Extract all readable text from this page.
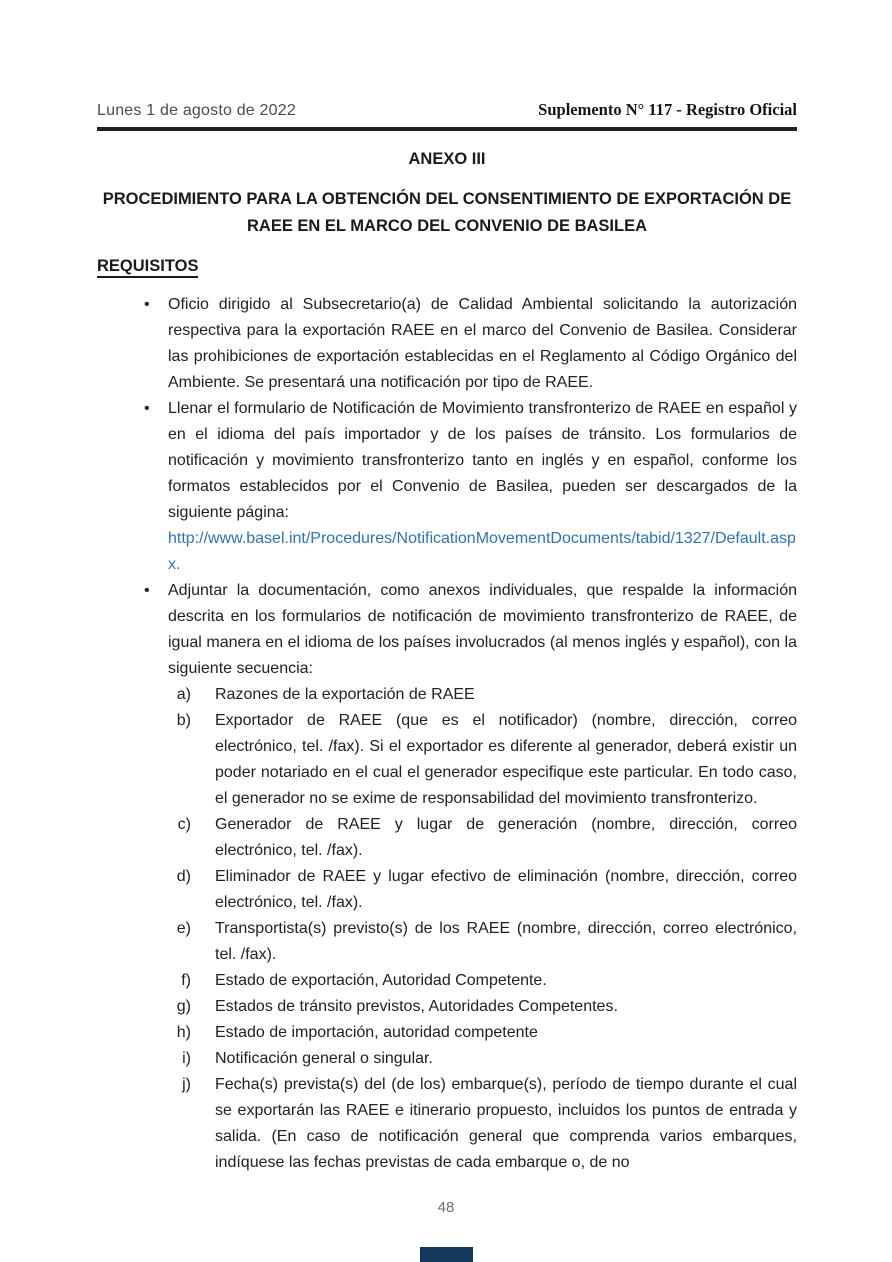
Lunes 1 de agosto de 2022	Suplemento N° 117 - Registro Oficial
ANEXO III
PROCEDIMIENTO PARA LA OBTENCIÓN DEL CONSENTIMIENTO DE EXPORTACIÓN DE
RAEE EN EL MARCO DEL CONVENIO DE BASILEA
REQUISITOS
• Oficio dirigido al Subsecretario(a) de Calidad Ambiental solicitando la autorización respectiva para la exportación RAEE en el marco del Convenio de Basilea. Considerar las prohibiciones de exportación establecidas en el Reglamento al Código Orgánico del Ambiente. Se presentará una notificación por tipo de RAEE.
• Llenar el formulario de Notificación de Movimiento transfronterizo de RAEE en español y en el idioma del país importador y de los países de tránsito. Los formularios de notificación y movimiento transfronterizo tanto en inglés y en español, conforme los formatos establecidos por el Convenio de Basilea, pueden ser descargados de la siguiente página:
http://www.basel.int/Procedures/NotificationMovementDocuments/tabid/1327/Default.aspx.
• Adjuntar la documentación, como anexos individuales, que respalde la información descrita en los formularios de notificación de movimiento transfronterizo de RAEE, de igual manera en el idioma de los países involucrados (al menos inglés y español), con la siguiente secuencia:
a) Razones de la exportación de RAEE
b) Exportador de RAEE (que es el notificador) (nombre, dirección, correo electrónico, tel. /fax). Si el exportador es diferente al generador, deberá existir un poder notariado en el cual el generador especifique este particular. En todo caso, el generador no se exime de responsabilidad del movimiento transfronterizo.
c) Generador de RAEE y lugar de generación (nombre, dirección, correo electrónico, tel. /fax).
d) Eliminador de RAEE y lugar efectivo de eliminación (nombre, dirección, correo electrónico, tel. /fax).
e) Transportista(s) previsto(s) de los RAEE (nombre, dirección, correo electrónico, tel. /fax).
f) Estado de exportación, Autoridad Competente.
g) Estados de tránsito previstos, Autoridades Competentes.
h) Estado de importación, autoridad competente
i) Notificación general o singular.
j) Fecha(s) prevista(s) del (de los) embarque(s), período de tiempo durante el cual se exportarán las RAEE e itinerario propuesto, incluidos los puntos de entrada y salida. (En caso de notificación general que comprenda varios embarques, indíquese las fechas previstas de cada embarque o, de no
48
